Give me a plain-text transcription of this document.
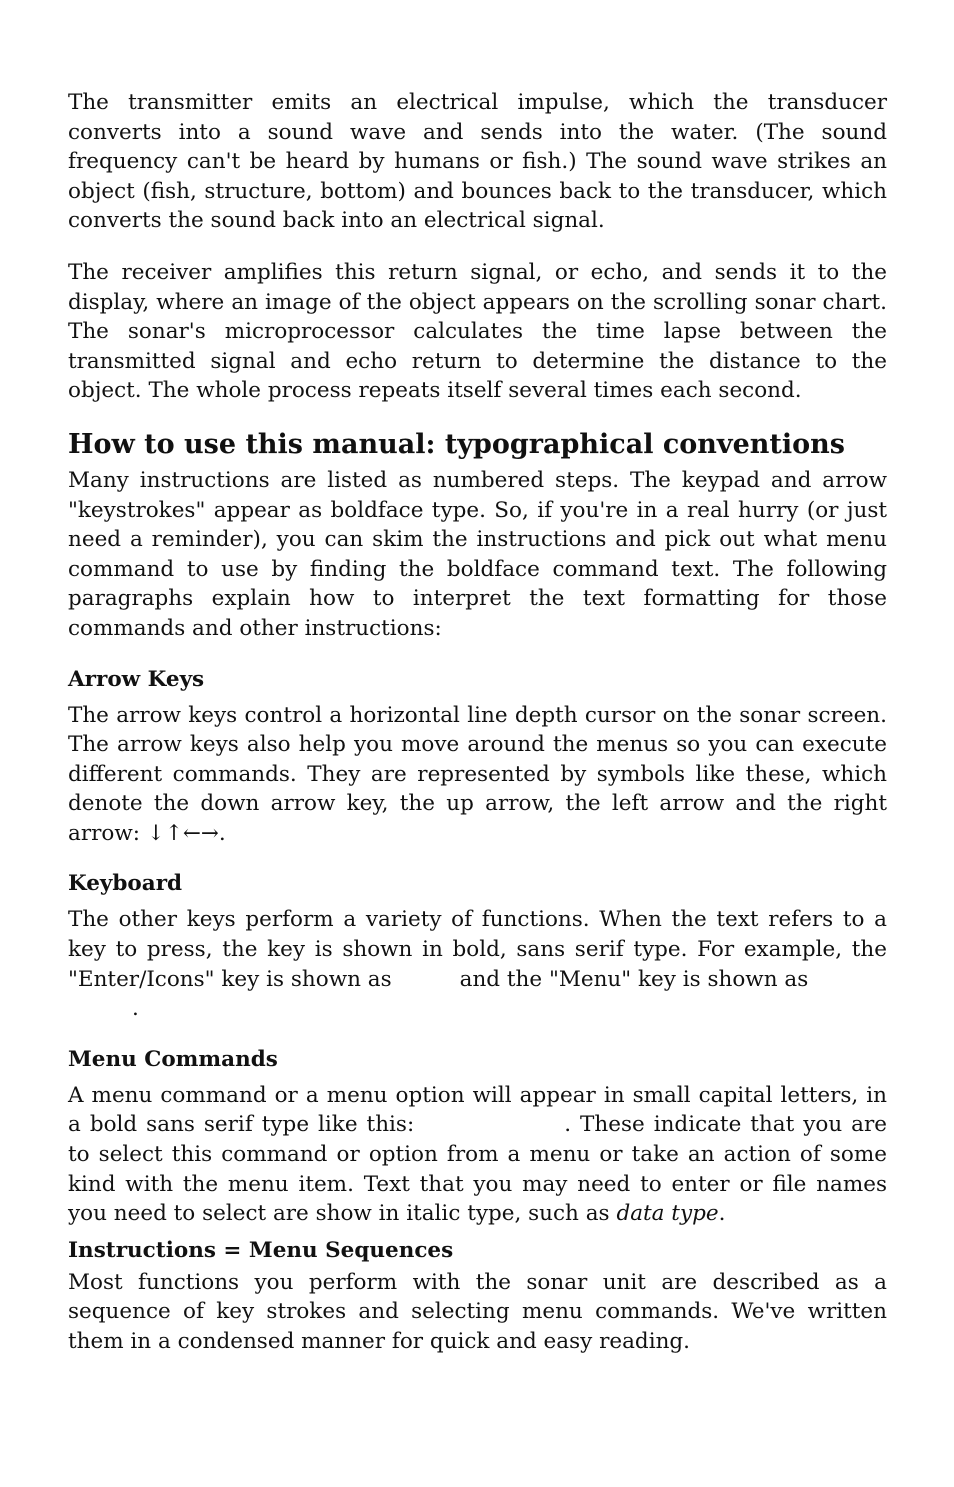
The transmitter emits an electrical impulse, which the transducer converts into a sound wave and sends into the water. (The sound frequency can't be heard by humans or fish.) The sound wave strikes an object (fish, structure, bottom) and bounces back to the transducer, which converts the sound back into an electrical signal.

The receiver amplifies this return signal, or echo, and sends it to the display, where an image of the object appears on the scrolling sonar chart. The sonar's microprocessor calculates the time lapse between the transmitted signal and echo return to determine the distance to the object. The whole process repeats itself several times each second.

How to use this manual: typographical conventions

Many instructions are listed as numbered steps. The keypad and arrow "keystrokes" appear as boldface type. So, if you're in a real hurry (or just need a reminder), you can skim the instructions and pick out what menu command to use by finding the boldface command text. The following paragraphs explain how to interpret the text formatting for those commands and other instructions:

Arrow Keys

The arrow keys control a horizontal line depth cursor on the sonar screen. The arrow keys also help you move around the menus so you can execute different commands. They are represented by symbols like these, which denote the down arrow key, the up arrow, the left arrow and the right arrow: ↓↑←→.

Keyboard

The other keys perform a variety of functions. When the text refers to a key to press, the key is shown in bold, sans serif type. For example, the "Enter/Icons" key is shown as	and the "Menu" key is shown as
.

Menu Commands

A menu command or a menu option will appear in small capital letters, in a bold sans serif type like this:	. These indicate that you are to select this command or option from a menu or take an action of some kind with the menu item. Text that you may need to enter or file names you need to select are show in italic type, such as data type.

Instructions = Menu Sequences

Most functions you perform with the sonar unit are described as a sequence of key strokes and selecting menu commands. We've written them in a condensed manner for quick and easy reading.
